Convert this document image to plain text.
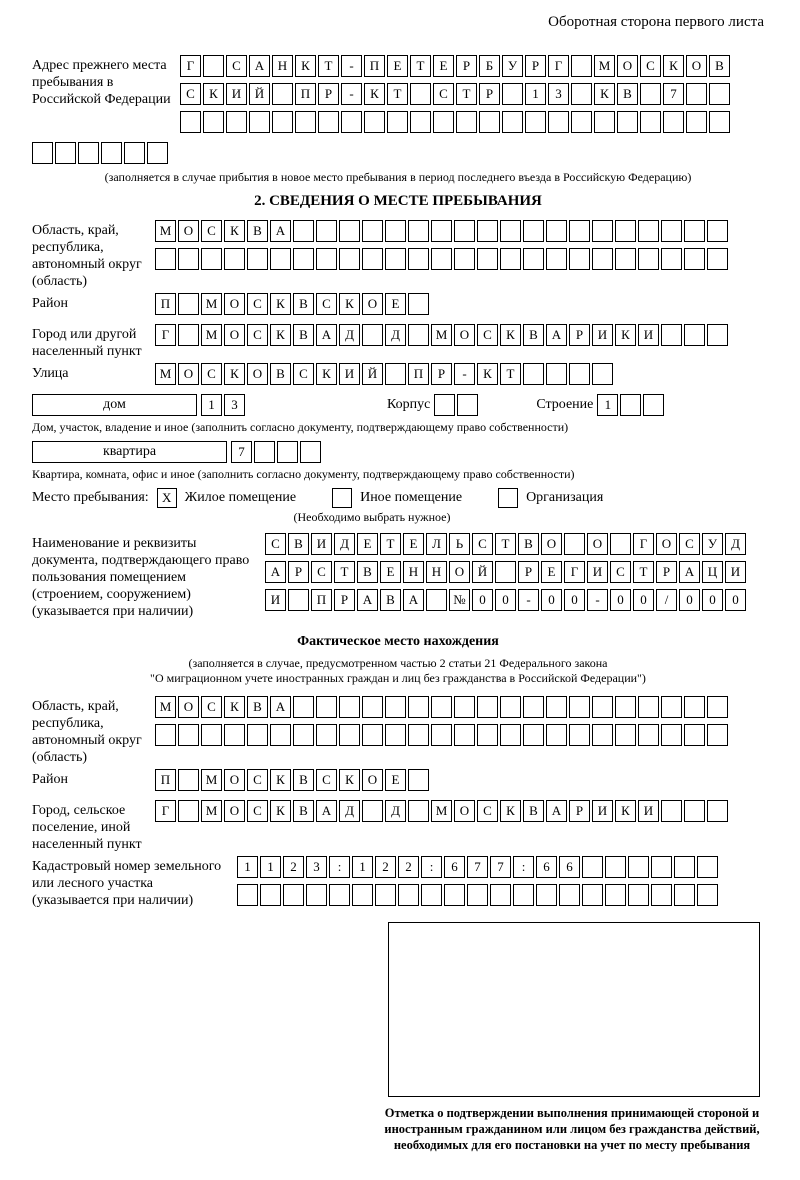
Оборотная сторона первого листа
Адрес прежнего места пребывания в Российской Федерации
Г	С	А	Н	К	Т	-	П	Е	Т	Е	Р	Б	У	Р	Г	М О	С	К	О	В
С	К	И	Й	П	Р	-	К	Т	С	Т	Р	1	3	К	В	7
(заполняется в случае прибытия в новое место пребывания в период последнего въезда в Российскую Федерацию)
2. СВЕДЕНИЯ О МЕСТЕ ПРЕБЫВАНИЯ
Область, край, республика, автономный округ (область)
М О	С	К	В	А
Район	П	М О	С	К	В	С	К	О	Е
Город или другой населенный пункт
Г	М О	С	К	В	А	Д	Д	М О	С	К	В	А	Р	И	К	И
Улица	М О	С	К	О	В	С	К	И	Й	П	Р	-	К	Т
дом	1	3	Корпус	Строение 1
Дом, участок, владение и иное (заполнить согласно документу, подтверждающему право собственности)
квартира	7
Квартира, комната, офис и иное (заполнить согласно документу, подтверждающему право собственности)
Место пребывания:	X Жилое помещение	Иное помещение	Организация
(Необходимо выбрать нужное)
Наименование и реквизиты документа, подтверждающего право пользования помещением (строением, сооружением) (указывается при наличии)
С	В	И	Д	Е	Т	Е	Л	Ь	С	Т	В	О	О	Г	О	С	У	Д
А	Р	С	Т	В	Е	Н	Н	О	Й	Р	Е	Г	И	С	Т	Р	А	Ц	И
И	П	Р	А	В	А	№	0	0	-	0	0	-	0	0	/	0	0	0
Фактическое место нахождения
(заполняется в случае, предусмотренном частью 2 статьи 21 Федерального закона
"О миграционном учете иностранных граждан и лиц без гражданства в Российской Федерации")
Область, край, республика, автономный округ (область)
М О	С	К	В	А
Район	П	М О	С	К	В	С	К	О	Е
Город, сельское поселение, иной населенный пункт
Г	М О	С	К	В	А	Д	Д	М О	С	К	В	А	Р	И	К	И
Кадастровый номер земельного или лесного участка (указывается при наличии)
1	1	2	3	:	1	2	2	:	6	7	7	:	6	6
Отметка о подтверждении выполнения принимающей стороной и иностранным гражданином или лицом без гражданства действий, необходимых для его постановки на учет по месту пребывания
